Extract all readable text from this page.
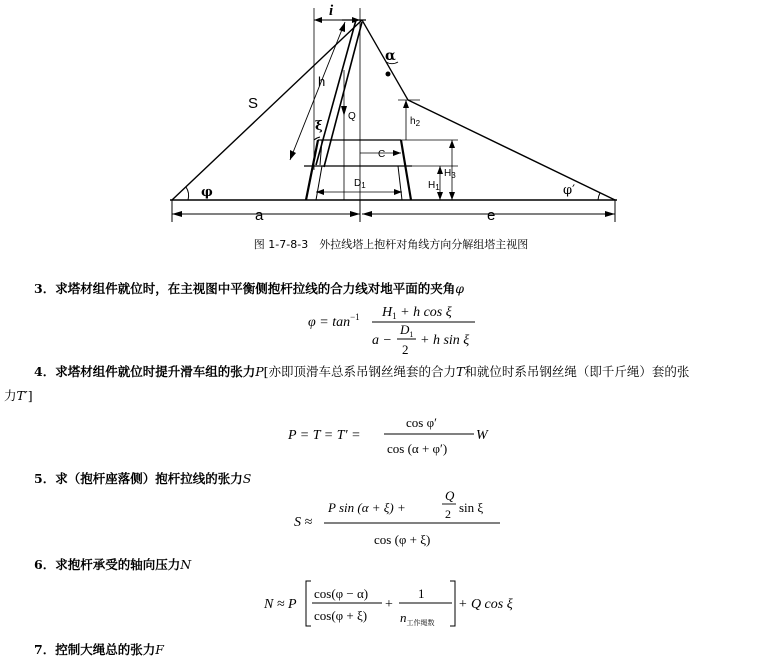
i
S
h
ξ
Q
α
$h_2$
C
$H_3$
$H_1$
$D_1$
φ	φ′
a	e
图 1-7-8-3　外拉线塔上抱杆对角线方向分解组塔主视图
3．求塔材组件就位时，在主视图中平衡侧抱杆拉线的合力线对地平面的夹角φ
$\varphi = \tan^{-1} H_1 + h$ cos ξ
a −
$D_1$
2
+ h sin ξ
4．求塔材组件就位时提升滑车组的张力P[亦即顶滑车总系吊钢丝绳套的合力T和就位时系吊钢丝绳（即千斤绳）套的张
力T′]
P = T = T′ =
cos φ′
cos (α + φ′)
W
5．求（抱杆座落侧）抱杆拉线的张力S
S ≈
P sin (α + ξ) +
Q
2 sin ξ
cos (φ + ξ)
6．求抱杆承受的轴向压力N
N ≈ P
cos(φ − α)
cos(φ + ξ)
+
1
$n_{工作绳数}$
+ Q cos ξ
7．控制大绳总的张力F
